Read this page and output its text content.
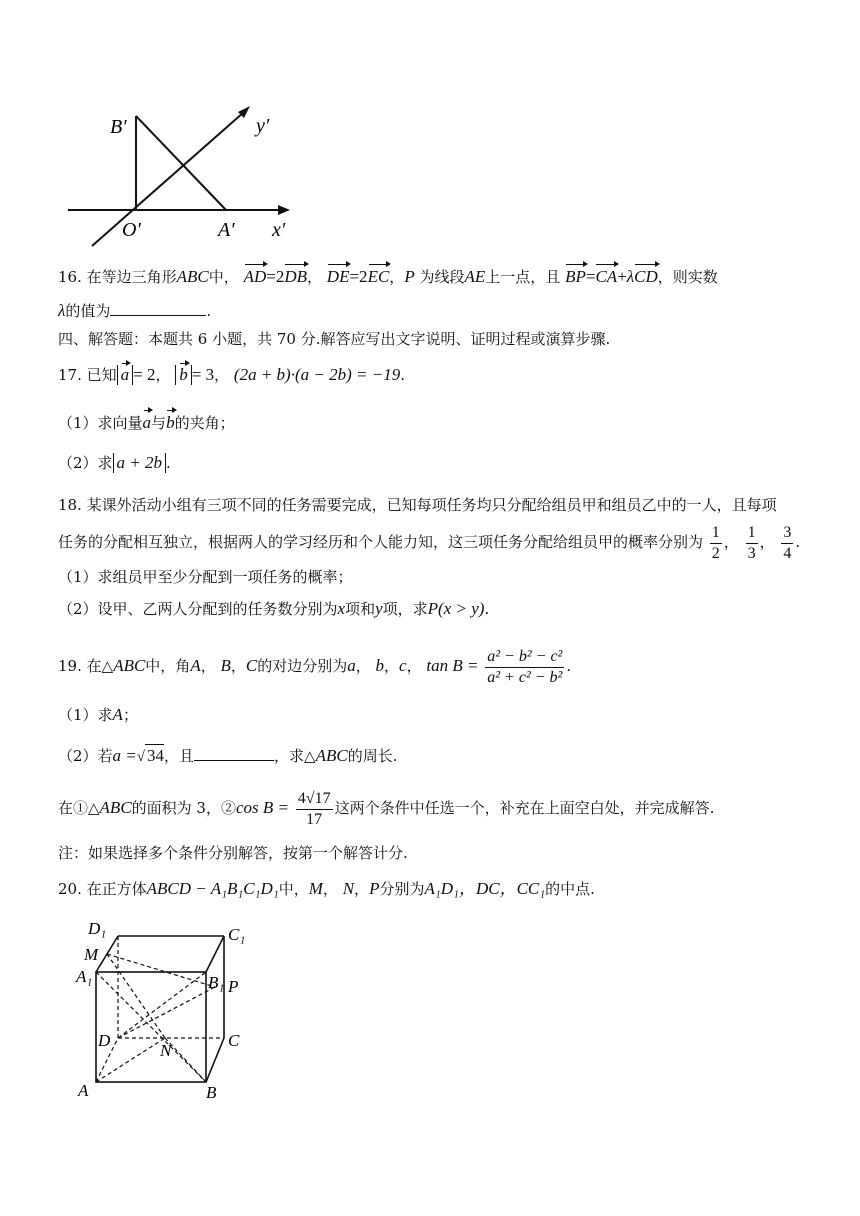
B′	y′
O′	A′ x′
16. 在等边三角形ABC中， AD=2DB， DE=2EC，P 为线段AE上一点，且 BP=CA+λCD，则实数
λ的值为	.
四、解答题：本题共 6 小题，共 70 分.解答应写出文字说明、证明过程或演算步骤.
17. 已知 a = 2， b = 3， (2a + b)·(a − 2b) = −19.
（1）求向量a与b的夹角；
（2）求 a + 2b .
18. 某课外活动小组有三项不同的任务需要完成，已知每项任务均只分配给组员甲和组员乙中的一人，且每项
任务的分配相互独立，根据两人的学习经历和个人能力知，这三项任务分配给组员甲的概率分别为 $\frac{1}{2}$ ， $\frac{1}{3}$ ， $\frac{3}{4}$ .
（1）求组员甲至少分配到一项任务的概率；
（2）设甲、乙两人分配到的任务数分别为x项和y项，求P(x > y).
19. 在△ABC中，角A， B，C的对边分别为a， b，c， $\tan B = \frac{\text{a² − b² − c²}}{\text{a² + c² − b²}}$ .
（1）求A；
（2）若a =√ 34，且	，求△ABC的周长.
在①△ABC的面积为 3，②cos $B = \frac{4√17}{17}$ 这两个条件中任选一个，补充在上面空白处，并完成解答.
注：如果选择多个条件分别解答，按第一个解答计分.
20. 在正方体ABCD − A₁B₁C₁D₁中，M， N，P分别为A₁D₁，DC，CC₁的中点.
D₁	C₁
M
A₁	B₁ P
D
N
C
A	B
